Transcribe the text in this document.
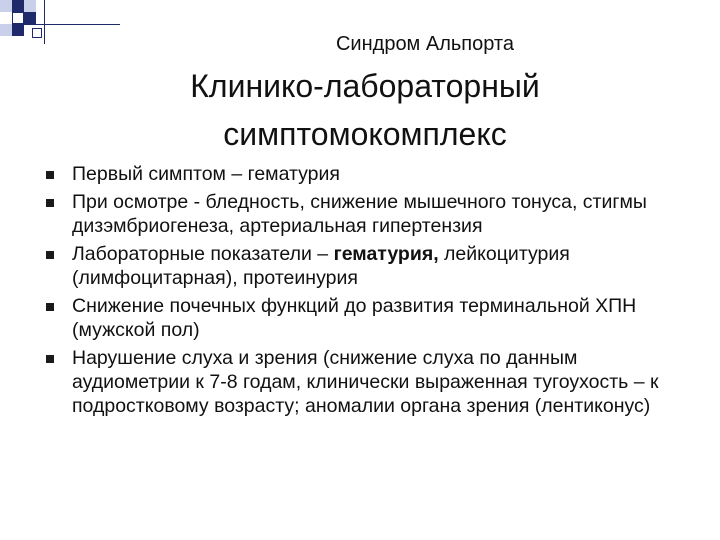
Синдром Альпорта
Клинико-лабораторный
симптомокомплекс
Первый симптом – гематурия
При осмотре - бледность, снижение мышечного тонуса, стигмы дизэмбриогенеза, артериальная гипертензия
Лабораторные показатели – гематурия, лейкоцитурия (лимфоцитарная), протеинурия
Снижение почечных функций до развития терминальной ХПН (мужской пол)
Нарушение слуха и зрения (снижение слуха по данным аудиометрии к 7-8 годам, клинически выраженная тугоухость – к подростковому возрасту; аномалии органа зрения (лентиконус)
